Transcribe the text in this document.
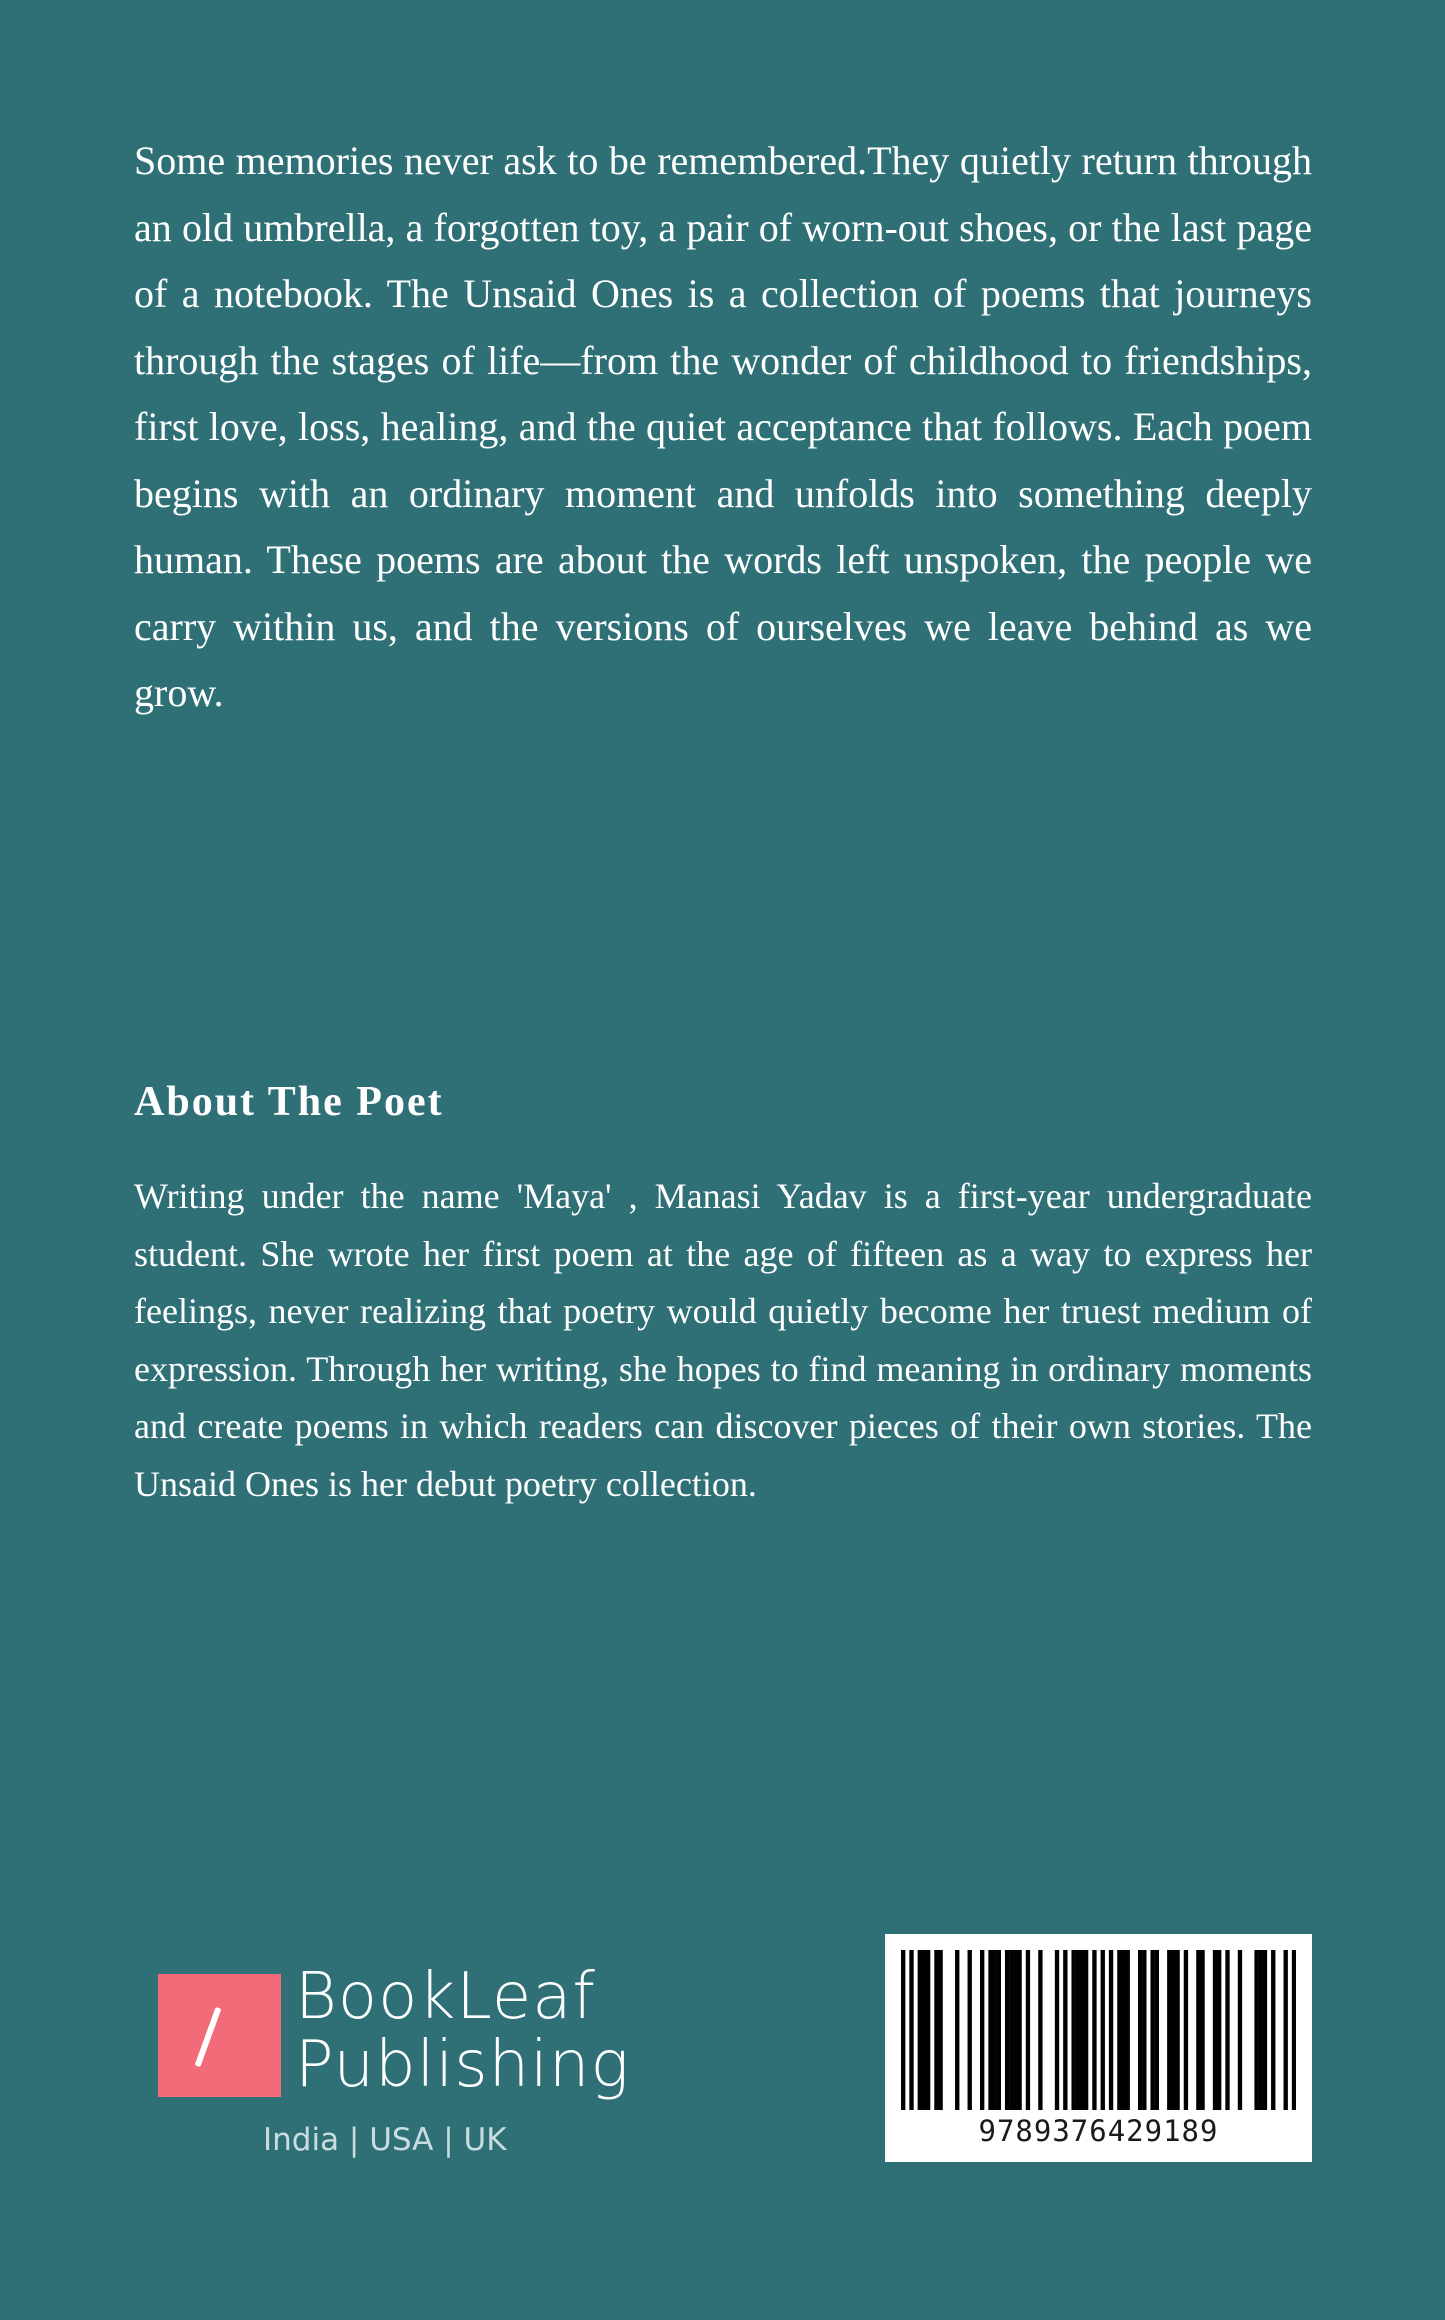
Some memories never ask to be remembered.They quietly return through an old umbrella, a forgotten toy, a pair of worn-out shoes, or the last page of a notebook. The Unsaid Ones is a collection of poems that journeys through the stages of life—from the wonder of childhood to friendships, first love, loss, healing, and the quiet acceptance that follows. Each poem begins with an ordinary moment and unfolds into something deeply human. These poems are about the words left unspoken, the people we carry within us, and the versions of ourselves we leave behind as we grow.

About The Poet

Writing under the name 'Maya' , Manasi Yadav is a first-year undergraduate student. She wrote her first poem at the age of fifteen as a way to express her feelings, never realizing that poetry would quietly become her truest medium of expression. Through her writing, she hopes to find meaning in ordinary moments and create poems in which readers can discover pieces of their own stories. The Unsaid Ones is her debut poetry collection.

BookLeaf
Publishing
India | USA | UK	9789376429189
